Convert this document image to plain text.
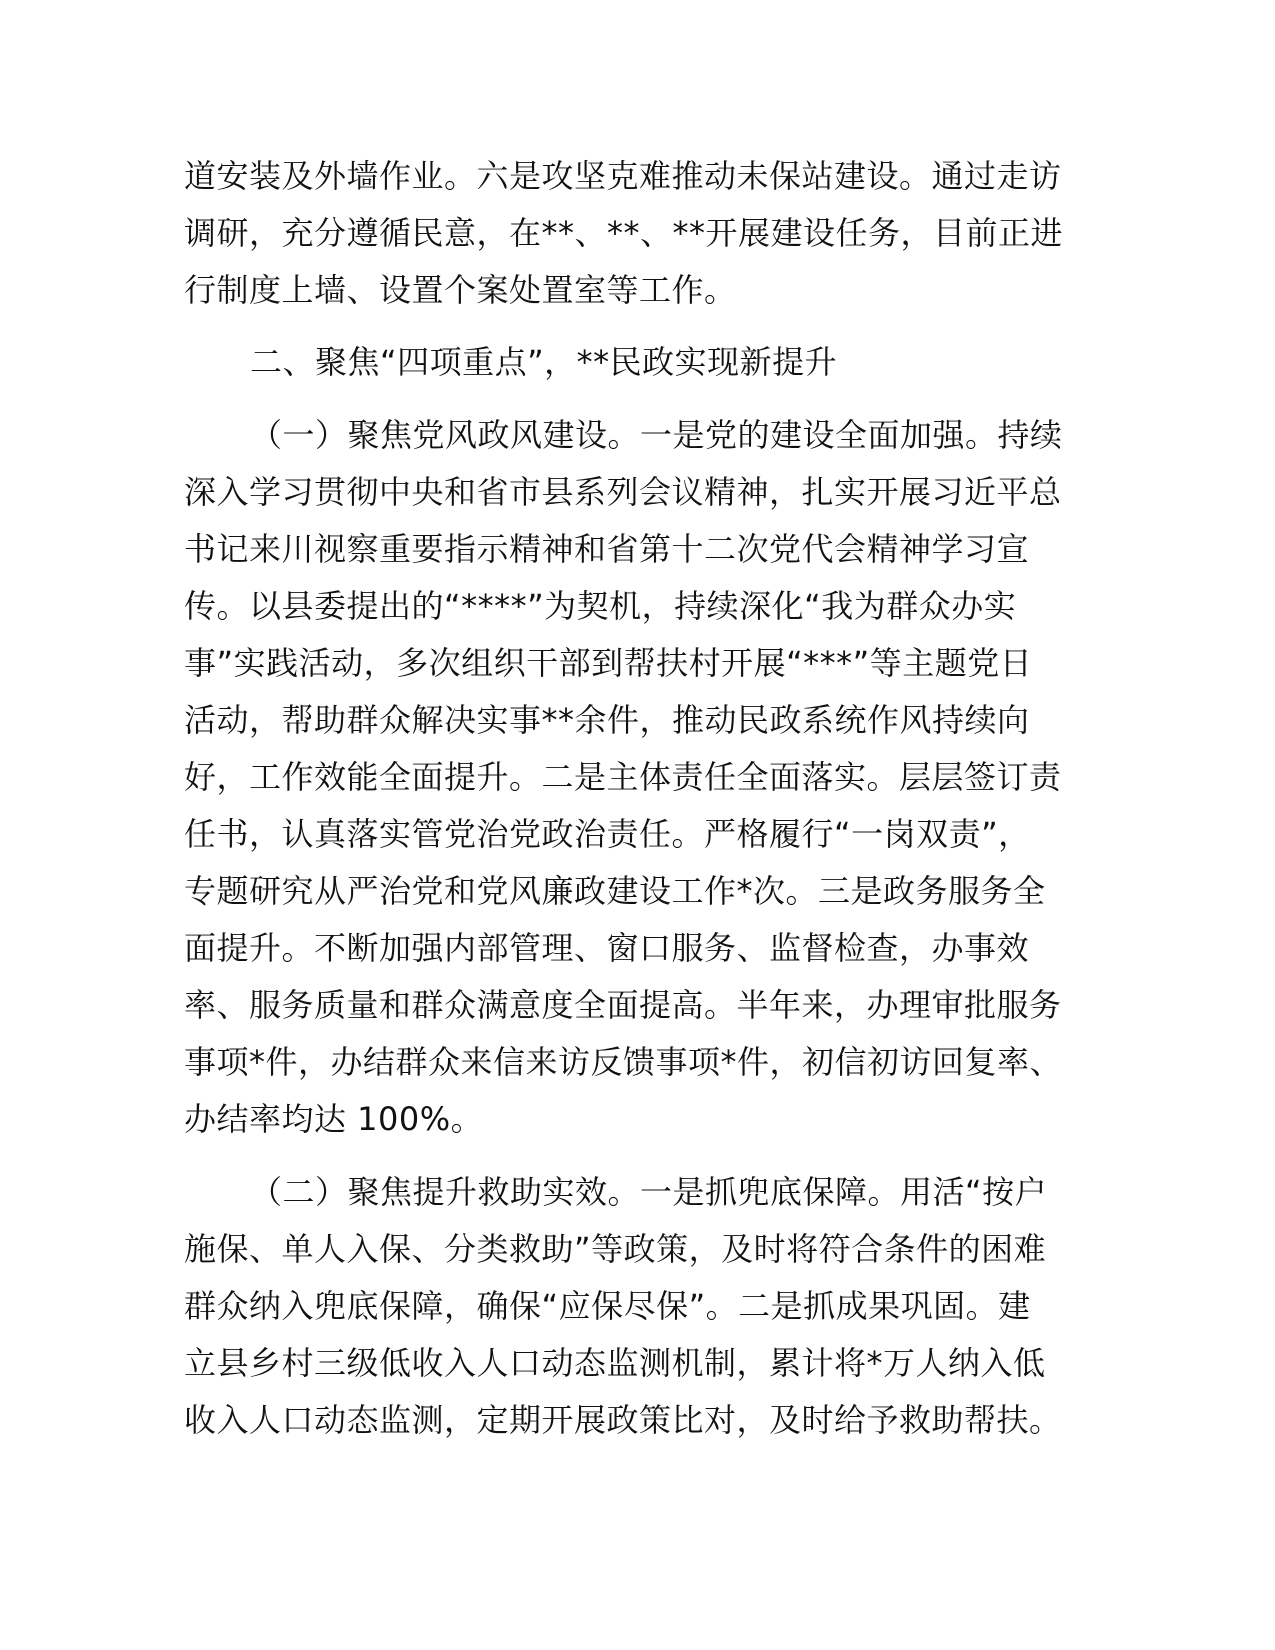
道安装及外墙作业。六是攻坚克难推动未保站建设。通过走访
调研，充分遵循民意，在**、**、**开展建设任务，目前正进
行制度上墙、设置个案处置室等工作。

二、聚焦“四项重点”，**民政实现新提升

（一）聚焦党风政风建设。一是党的建设全面加强。持续
深入学习贯彻中央和省市县系列会议精神，扎实开展习近平总
书记来川视察重要指示精神和省第十二次党代会精神学习宣
传。以县委提出的“****”为契机，持续深化“我为群众办实
事”实践活动，多次组织干部到帮扶村开展“***”等主题党日
活动，帮助群众解决实事**余件，推动民政系统作风持续向
好，工作效能全面提升。二是主体责任全面落实。层层签订责
任书，认真落实管党治党政治责任。严格履行“一岗双责”，
专题研究从严治党和党风廉政建设工作*次。三是政务服务全
面提升。不断加强内部管理、窗口服务、监督检查，办事效
率、服务质量和群众满意度全面提高。半年来，办理审批服务
事项*件，办结群众来信来访反馈事项*件，初信初访回复率、
办结率均达 100%。

（二）聚焦提升救助实效。一是抓兜底保障。用活“按户
施保、单人入保、分类救助”等政策，及时将符合条件的困难
群众纳入兜底保障，确保“应保尽保”。二是抓成果巩固。建
立县乡村三级低收入人口动态监测机制，累计将*万人纳入低
收入人口动态监测，定期开展政策比对，及时给予救助帮扶。
